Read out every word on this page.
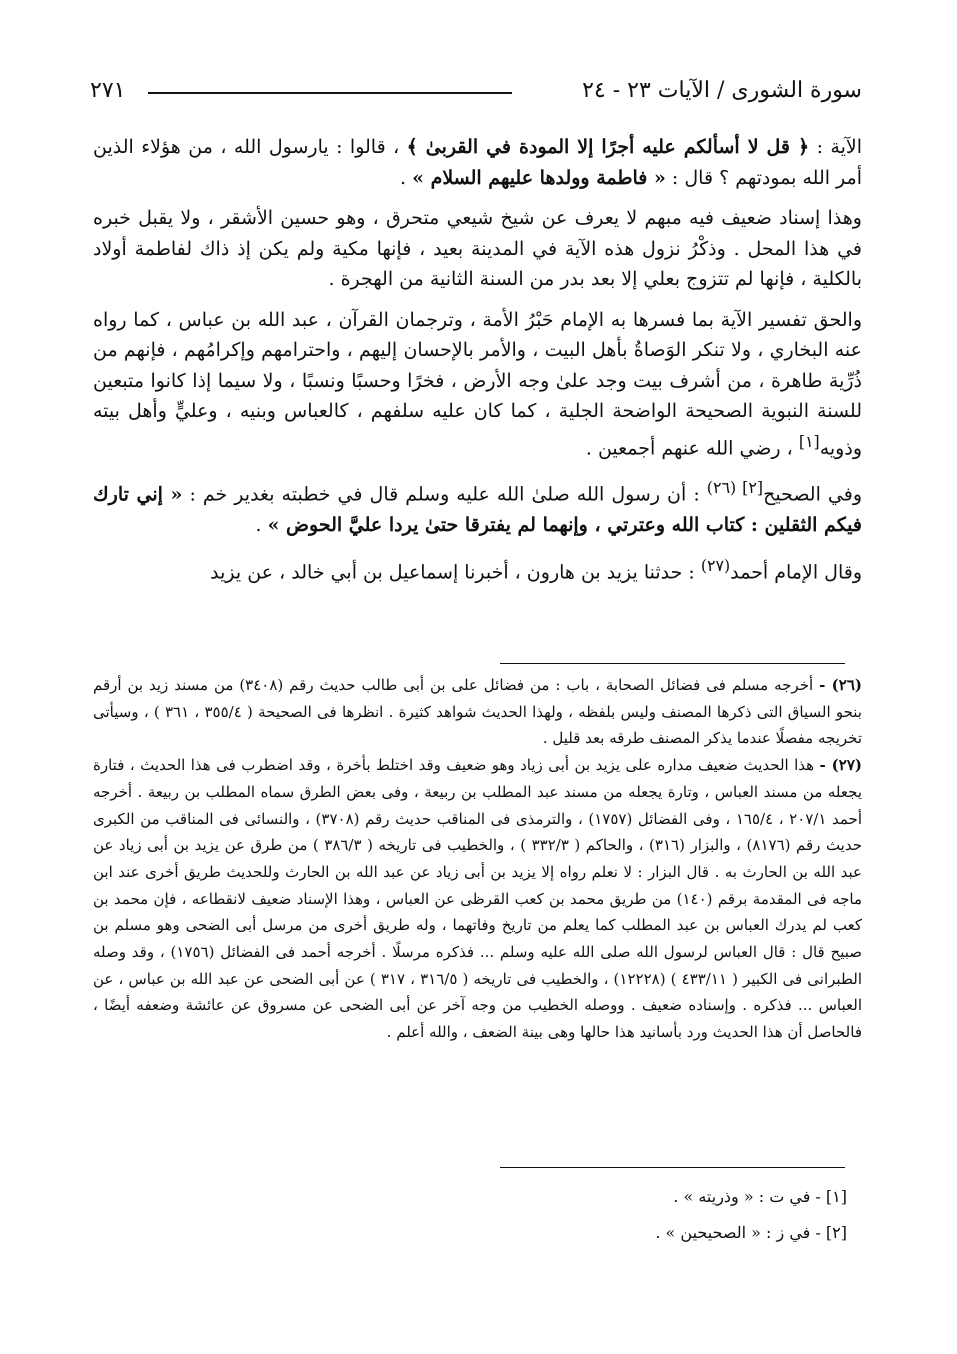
سورة الشورى / الآيات ٢٣ - ٢٤
٢٧١

الآية : ﴿ قل لا أسألكم عليه أجرًا إلا المودة في القربىٰ ﴾ ، قالوا : يارسول الله ، من هؤلاء الذين أمر الله بمودتهم ؟ قال : « فاطمة وولدها عليهم السلام » .

وهذا إسناد ضعيف فيه مبهم لا يعرف عن شيخ شيعي متحرق ، وهو حسين الأشقر ، ولا يقبل خبره في هذا المحل . وذكْرُ نزول هذه الآية في المدينة بعيد ، فإنها مكية ولم يكن إذ ذاك لفاطمة أولاد بالكلية ، فإنها لم تتزوج بعلي إلا بعد بدر من السنة الثانية من الهجرة .

والحق تفسير الآية بما فسرها به الإمام حَبْرُ الأمة ، وترجمان القرآن ، عبد الله بن عباس ، كما رواه عنه البخاري ، ولا تنكر الوَصاةُ بأهل البيت ، والأمر بالإحسان إليهم ، واحترامهم وإكرامُهم ، فإنهم من ذُرِّية طاهرة ، من أشرف بيت وجد علىٰ وجه الأرض ، فخرًا وحسبًا ونسبًا ، ولا سيما إذا كانوا متبعين للسنة النبوية الصحيحة الواضحة الجلية ، كما كان عليه سلفهم ، كالعباس وبنيه ، وعليٍّ وأهل بيته وذويه[١] ، رضي الله عنهم أجمعين .

وفي الصحيح[٢] $^{(٢٦)}$ : أن رسول الله صلىٰ الله عليه وسلم قال في خطبته بغدير خم : « إني تارك فيكم الثقلين : كتاب الله وعترتي ، وإنهما لم يفترقا حتىٰ يردا عليَّ الحوض » .

وقال الإمام أحمد$^{(٢٧)}$ : حدثنا يزيد بن هارون ، أخبرنا إسماعيل بن أبي خالد ، عن يزيد

(٢٦) - أخرجه مسلم فى فضائل الصحابة ، باب : من فضائل على بن أبى طالب حديث رقم (٣٤٠٨) من مسند زيد بن أرقم بنحو السياق التى ذكرها المصنف وليس بلفظه ، ولهذا الحديث شواهد كثيرة . انظرها فى الصحيحة ( ٣٥٥/٤ ، ٣٦١ ) ، وسيأتى تخريجه مفصلًا عندما يذكر المصنف طرقه بعد قليل .

(٢٧) - هذا الحديث ضعيف مداره على يزيد بن أبى زياد وهو ضعيف وقد اختلط بأخرة ، وقد اضطرب فى هذا الحديث ، فتارة يجعله من مسند العباس ، وتارة يجعله من مسند عبد المطلب بن ربيعة ، وفى بعض الطرق سماه المطلب بن ربيعة . أخرجه أحمد ٢٠٧/١ ، ١٦٥/٤ ، وفى الفضائل (١٧٥٧) ، والترمذى فى المناقب حديث رقم (٣٧٠٨) ، والنسائى فى المناقب من الكبرى حديث رقم (٨١٧٦) ، والبزار (٣١٦) ، والحاكم ( ٣٣٢/٣ ) ، والخطيب فى تاريخه ( ٣٨٦/٣ ) من طرق عن يزيد بن أبى زياد عن عبد الله بن الحارث به . قال البزار : لا نعلم رواه إلا يزيد بن أبى زياد عن عبد الله بن الحارث وللحديث طريق أخرى عند ابن ماجه فى المقدمة برقم (١٤٠) من طريق محمد بن كعب القرظى عن العباس ، وهذا الإسناد ضعيف لانقطاعه ، فإن محمد بن كعب لم يدرك العباس بن عبد المطلب كما يعلم من تاريخ وفاتهما ، وله طريق أخرى من مرسل أبى الضحى وهو مسلم بن صبيح قال : قال العباس لرسول الله صلى الله عليه وسلم ... فذكره مرسلًا . أخرجه أحمد فى الفضائل (١٧٥٦) ، وقد وصله الطبرانى فى الكبير ( ٤٣٣/١١ ) (١٢٢٢٨) ، والخطيب فى تاريخه ( ٣١٦/٥ ، ٣١٧ ) عن أبى الضحى عن عبد الله بن عباس ، عن العباس ... فذكره . وإسناده ضعيف . ووصله الخطيب من وجه آخر عن أبى الضحى عن مسروق عن عائشة وضعفه أيضًا ، فالحاصل أن هذا الحديث ورد بأسانيد هذا حالها وهى بينة الضعف ، والله أعلم .

[١] - في ت : « وذريته » .

[٢] - في ز : « الصحيحين » .
